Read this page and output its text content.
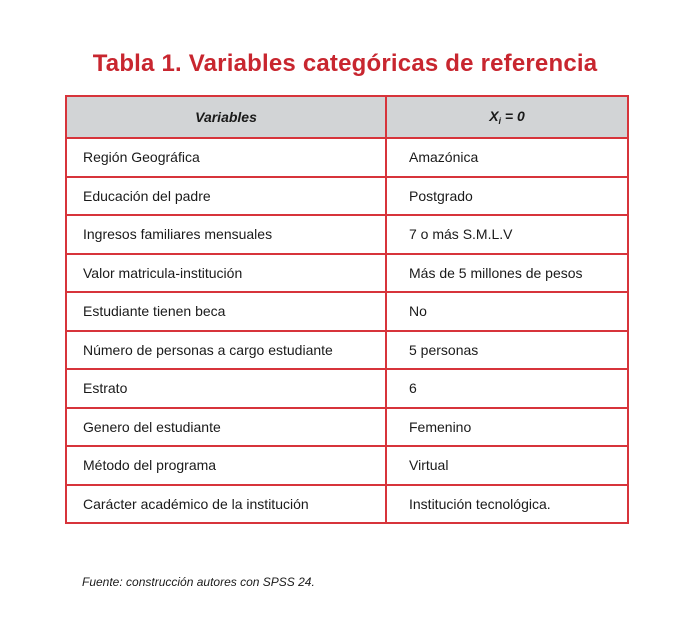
Tabla 1. Variables categóricas de referencia
Variables	$X_i = 0$
Región Geográfica	Amazónica
Educación del padre	Postgrado
Ingresos familiares mensuales	7 o más S.M.L.V
Valor matricula-institución	Más de 5 millones de pesos
Estudiante tienen beca	No
Número de personas a cargo estudiante	5 personas
Estrato	6
Genero del estudiante	Femenino
Método del programa	Virtual
Carácter académico de la institución	Institución tecnológica.
Fuente: construcción autores con SPSS 24.
